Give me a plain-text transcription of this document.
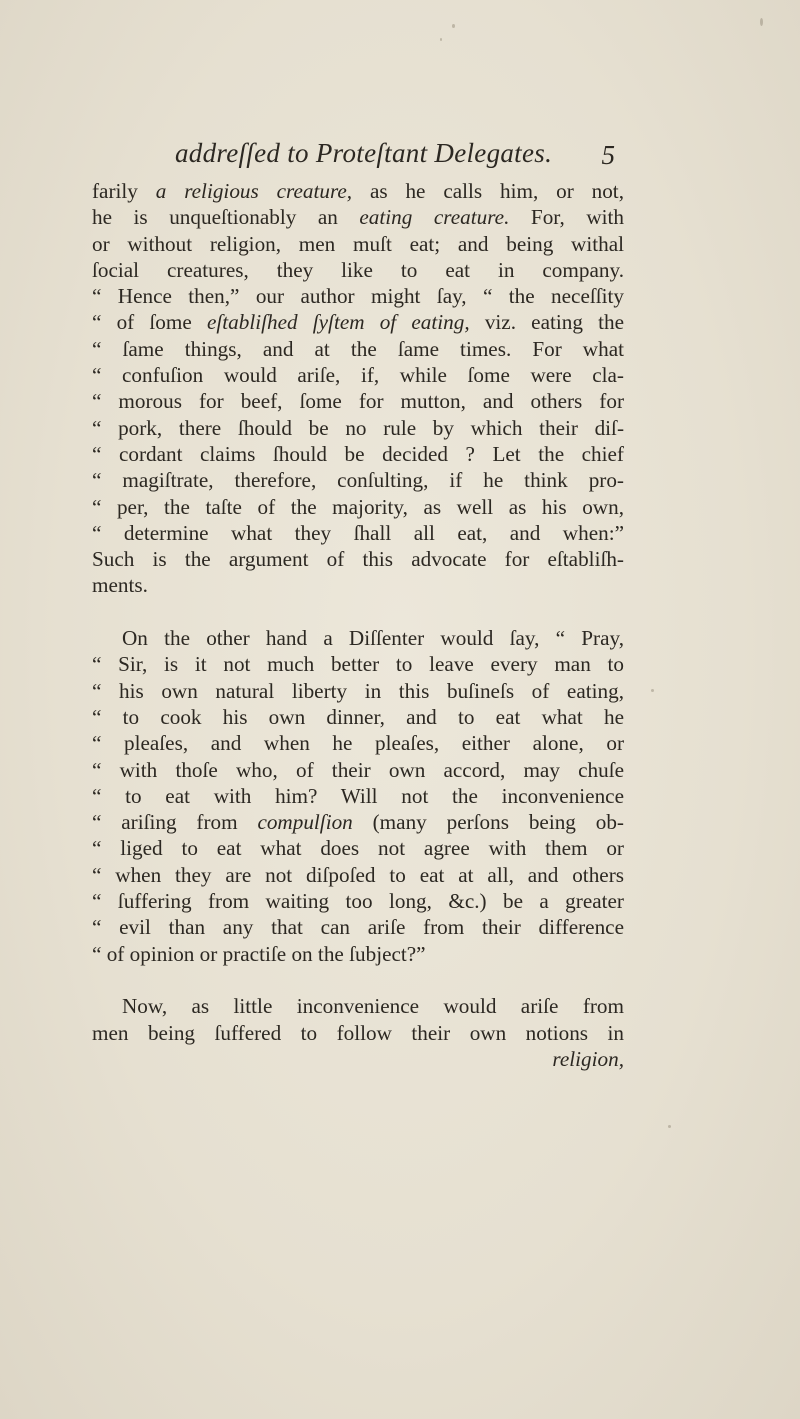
addreſſed to Proteſtant Delegates. 5
farily a religious creature, as he calls him, or not,
he is unqueſtionably an eating creature. For, with
or without religion, men muſt eat; and being withal
ſocial creatures, they like to eat in company.
“ Hence then,” our author might ſay, “ the neceſſity
“ of ſome eſtabliſhed ſyſtem of eating, viz. eating the
“ ſame things, and at the ſame times. For what
“ confuſion would ariſe, if, while ſome were cla-
“ morous for beef, ſome for mutton, and others for
“ pork, there ſhould be no rule by which their diſ-
“ cordant claims ſhould be decided ? Let the chief
“ magiſtrate, therefore, conſulting, if he think pro-
“ per, the taſte of the majority, as well as his own,
“ determine what they ſhall all eat, and when:”
Such is the argument of this advocate for eſtabliſh-
ments.
On the other hand a Diſſenter would ſay, “ Pray,
“ Sir, is it not much better to leave every man to
“ his own natural liberty in this buſineſs of eating,
“ to cook his own dinner, and to eat what he
“ pleaſes, and when he pleaſes, either alone, or
“ with thoſe who, of their own accord, may chuſe
“ to eat with him? Will not the inconvenience
“ ariſing from compulſion (many perſons being ob-
“ liged to eat what does not agree with them or
“ when they are not diſpoſed to eat at all, and others
“ ſuffering from waiting too long, &c.) be a greater
“ evil than any that can ariſe from their difference
“ of opinion or practiſe on the ſubject?”
Now, as little inconvenience would ariſe from
men being ſuffered to follow their own notions in
religion,
